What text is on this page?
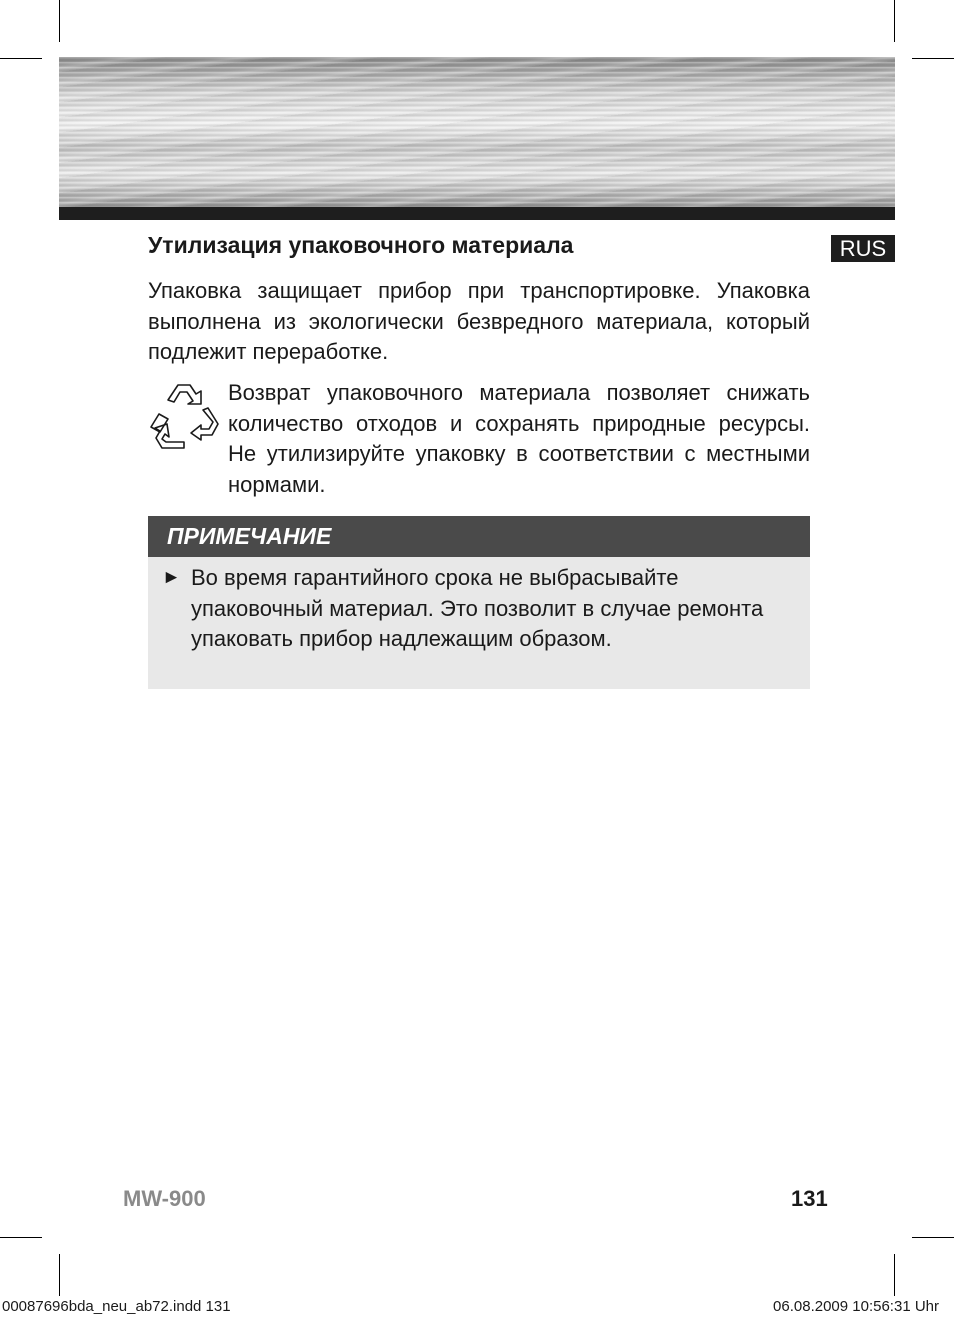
Утилизация упаковочного материала	RUS

Упаковка защищает прибор при транспортировке. Упаковка выполнена из экологически безвредного материала, который подлежит переработке.

Возврат упаковочного материала позволяет снижать количество отходов и сохранять природные ресурсы. Не утилизируйте упаковку в соответствии с местными нормами.

ПРИМЕЧАНИЕ
► Во время гарантийного срока не выбрасывайте упаковочный материал. Это позволит в случае ремонта упаковать прибор надлежащим образом.

MW-900	131
00087696bda_neu_ab72.indd 131	06.08.2009 10:56:31 Uhr
